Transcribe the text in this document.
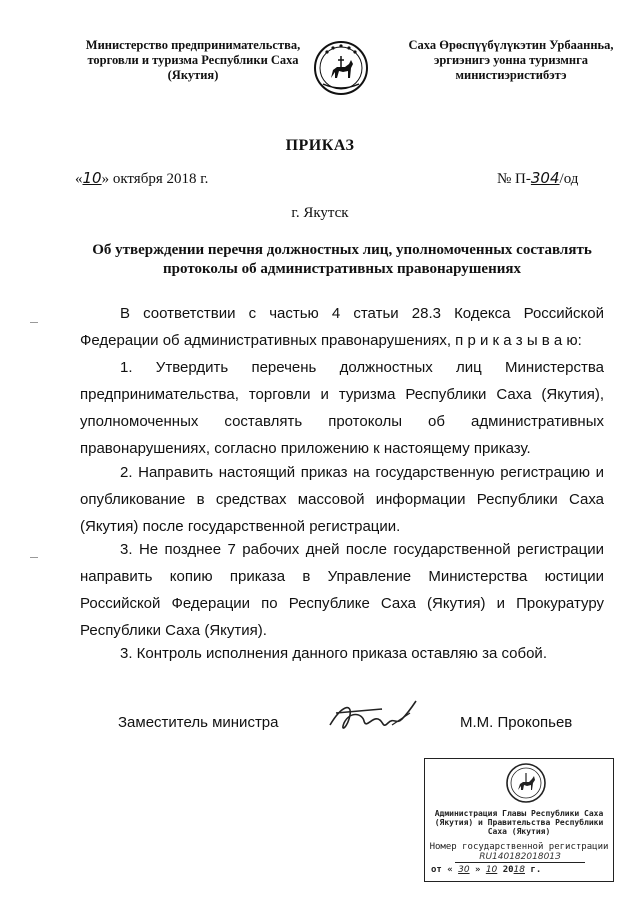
Министерство предпринимательства, торговли и туризма Республики Саха (Якутия)
Саха Өрөспүүбүлүкэтин Урбаанньа, эргиэнигэ уонна туризмнга министиэристибэтэ
ПРИКАЗ
«10» октября 2018 г.	№ П-304/од
г. Якутск
Об утверждении перечня должностных лиц, уполномоченных составлять протоколы об административных правонарушениях

В соответствии с частью 4 статьи 28.3 Кодекса Российской Федерации об административных правонарушениях, п р и к а з ы в а ю:

1. Утвердить перечень должностных лиц Министерства предпринимательства, торговли и туризма Республики Саха (Якутия), уполномоченных составлять протоколы об административных правонарушениях, согласно приложению к настоящему приказу.

2. Направить настоящий приказ на государственную регистрацию и опубликование в средствах массовой информации Республики Саха (Якутия) после государственной регистрации.

3. Не позднее 7 рабочих дней после государственной регистрации направить копию приказа в Управление Министерства юстиции Российской Федерации по Республике Саха (Якутия) и Прокуратуру Республики Саха (Якутия).

3. Контроль исполнения данного приказа оставляю за собой.

Заместитель министра	М.М. Прокопьев
Администрация Главы Республики Саха (Якутия) и Правительства Республики Саха (Якутия)
Номер государственной регистрации
RU14018201801З
от « 30 » 10 2018 г.
